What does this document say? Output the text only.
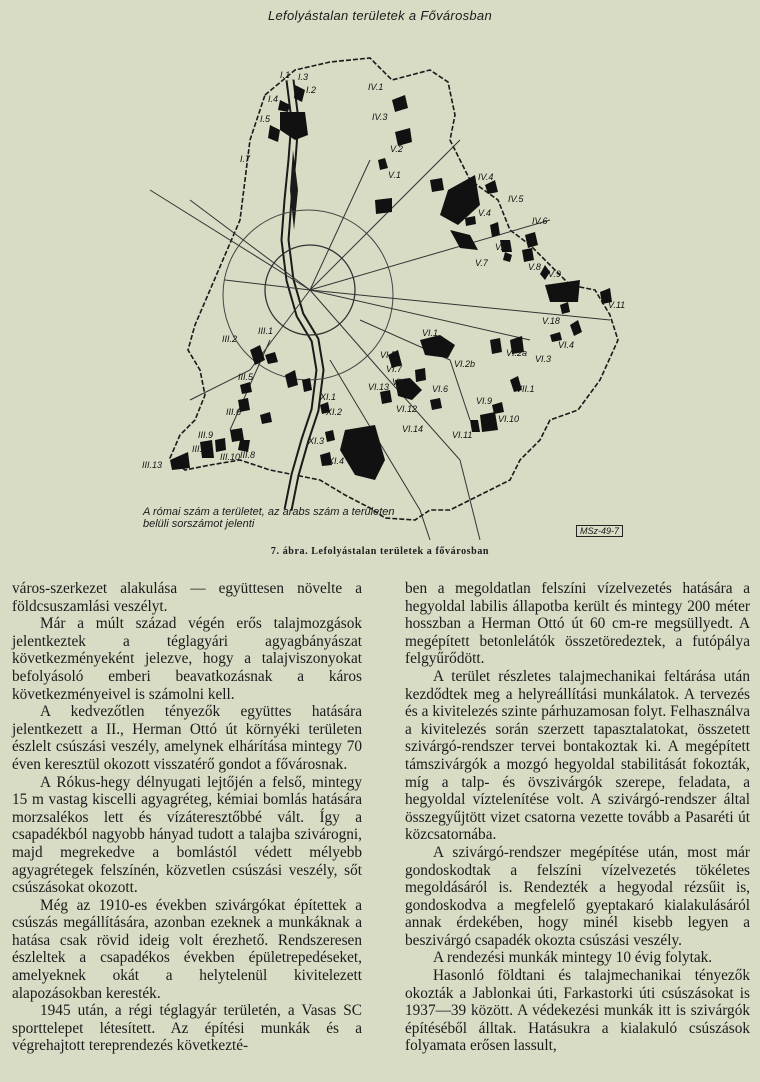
Lefolyástalan területek a Fővárosban
I.1
I.2
I.3
I.4
I.5
I.7
IV.1
IV.3
V.2
V.1	IV.4
IV.5
V.3 V.4
IV.6
V.6
V.7	V.8
V.9
V.11
V.18
VI.1
VI.2a
VI.4
VI.3
VI.5
VI.2b
VI.7
VI.8
VI.6
VI.13
VI.12
VI.14
VI.9
VI.10
VI.11
VII.1
XI.1
XI.2
XI.3
XI.4
III.1
III.2
III.5
III.6
III.9
III.12
III.10 III.8
III.13
A római szám a területet, az arabs szám a területen belüli sorszámot jelenti
MSz-49-7
7. ábra. Lefolyástalan területek a fővárosban

város-szerkezet alakulása — együttesen növelte a földcsuszamlási veszélyt.

Már a múlt század végén erős talajmozgások jelentkeztek a téglagyári agyagbányászat következményeként jelezve, hogy a talajviszonyokat befolyásoló emberi beavatkozásnak a káros következményeivel is számolni kell.

A kedvezőtlen tényezők együttes hatására jelentkezett a II., Herman Ottó út környéki területen észlelt csúszási veszély, amelynek elhárítása mintegy 70 éven keresztül okozott visszatérő gondot a fővárosnak.

A Rókus-hegy délnyugati lejtőjén a felső, mintegy 15 m vastag kiscelli agyagréteg, kémiai bomlás hatására morzsalékos lett és vízáteresztőbbé vált. Így a csapadékból nagyobb hányad tudott a talajba szivárogni, majd megrekedve a bomlástól védett mélyebb agyagrétegek felszínén, közvetlen csúszási veszély, sőt csúszásokat okozott.

Még az 1910-es években szivárgókat építettek a csúszás megállítására, azonban ezeknek a munkáknak a hatása csak rövid ideig volt érezhető. Rendszeresen észleltek a csapadékos években épületrepedéseket, amelyeknek okát a helytelenül kivitelezett alapozásokban keresték.

1945 után, a régi téglagyár területén, a Vasas SC sporttelepet létesített. Az építési munkák és a végrehajtott tereprendezés következté-

ben a megoldatlan felszíni vízelvezetés hatására a hegyoldal labilis állapotba került és mintegy 200 méter hosszban a Herman Ottó út 60 cm-re megsüllyedt. A megépített betonlelátók összetöredeztek, a futópálya felgyűrődött.

A terület részletes talajmechanikai feltárása után kezdődtek meg a helyreállítási munkálatok. A tervezés és a kivitelezés szinte párhuzamosan folyt. Felhasználva a kivitelezés során szerzett tapasztalatokat, összetett szivárgó-rendszer tervei bontakoztak ki. A megépített támszivárgók a mozgó hegyoldal stabilitását fokozták, míg a talp- és övszivárgók szerepe, feladata, a hegyoldal víztelenítése volt. A szivárgó-rendszer által összegyűjtött vizet csatorna vezette tovább a Pasaréti út közcsatornába.

A szivárgó-rendszer megépítése után, most már gondoskodtak a felszíni vízelvezetés tökéletes megoldásáról is. Rendezték a hegyodal rézsűit is, gondoskodva a megfelelő gyeptakaró kialakulásáról annak érdekében, hogy minél kisebb legyen a beszivárgó csapadék okozta csúszási veszély.

A rendezési munkák mintegy 10 évig folytak.

Hasonló földtani és talajmechanikai tényezők okozták a Jablonkai úti, Farkastorki úti csúszásokat is 1937—39 között. A védekezési munkák itt is szivárgók építéséből álltak. Hatásukra a kialakuló csúszások folyamata erősen lassult,
